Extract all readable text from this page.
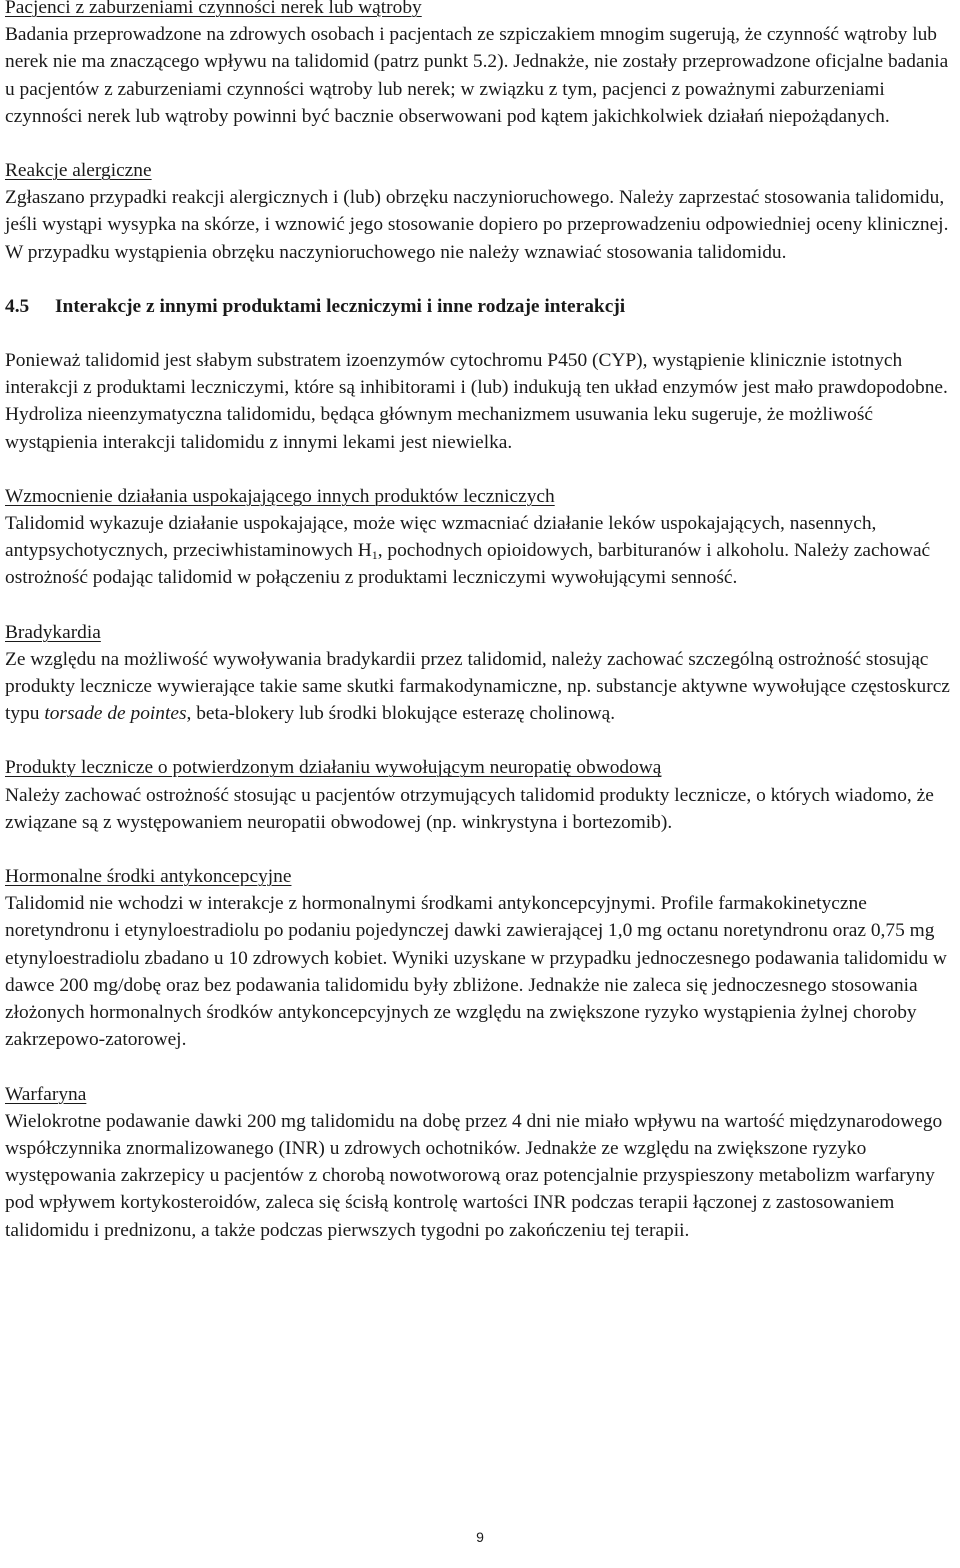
Pacjenci z zaburzeniami czynności nerek lub wątroby

Badania przeprowadzone na zdrowych osobach i pacjentach ze szpiczakiem mnogim sugerują, że czynność wątroby lub nerek nie ma znaczącego wpływu na talidomid (patrz punkt 5.2). Jednakże, nie zostały przeprowadzone oficjalne badania u pacjentów z zaburzeniami czynności wątroby lub nerek; w związku z tym, pacjenci z poważnymi zaburzeniami czynności nerek lub wątroby powinni być bacznie obserwowani pod kątem jakichkolwiek działań niepożądanych.

Reakcje alergiczne

Zgłaszano przypadki reakcji alergicznych i (lub) obrzęku naczynioruchowego. Należy zaprzestać stosowania talidomidu, jeśli wystąpi wysypka na skórze, i wznowić jego stosowanie dopiero po przeprowadzeniu odpowiedniej oceny klinicznej. W przypadku wystąpienia obrzęku naczynioruchowego nie należy wznawiać stosowania talidomidu.

4.5 Interakcje z innymi produktami leczniczymi i inne rodzaje interakcji

Ponieważ talidomid jest słabym substratem izoenzymów cytochromu P450 (CYP), wystąpienie klinicznie istotnych interakcji z produktami leczniczymi, które są inhibitorami i (lub) indukują ten układ enzymów jest mało prawdopodobne. Hydroliza nieenzymatyczna talidomidu, będąca głównym mechanizmem usuwania leku sugeruje, że możliwość wystąpienia interakcji talidomidu z innymi lekami jest niewielka.

Wzmocnienie działania uspokajającego innych produktów leczniczych

Talidomid wykazuje działanie uspokajające, może więc wzmacniać działanie leków uspokajających, nasennych, antypsychotycznych, przeciwhistaminowych $H_1$, pochodnych opioidowych, barbituranów i alkoholu. Należy zachować ostrożność podając talidomid w połączeniu z produktami leczniczymi wywołującymi senność.

Bradykardia

Ze względu na możliwość wywoływania bradykardii przez talidomid, należy zachować szczególną ostrożność stosując produkty lecznicze wywierające takie same skutki farmakodynamiczne, np. substancje aktywne wywołujące częstoskurcz typu torsade de pointes, beta-blokery lub środki blokujące esterazę cholinową.

Produkty lecznicze o potwierdzonym działaniu wywołującym neuropatię obwodową

Należy zachować ostrożność stosując u pacjentów otrzymujących talidomid produkty lecznicze, o których wiadomo, że związane są z występowaniem neuropatii obwodowej (np. winkrystyna i bortezomib).

Hormonalne środki antykoncepcyjne

Talidomid nie wchodzi w interakcje z hormonalnymi środkami antykoncepcyjnymi. Profile farmakokinetyczne noretyndronu i etynyloestradiolu po podaniu pojedynczej dawki zawierającej 1,0 mg octanu noretyndronu oraz 0,75 mg etynyloestradiolu zbadano u 10 zdrowych kobiet. Wyniki uzyskane w przypadku jednoczesnego podawania talidomidu w dawce 200 mg/dobę oraz bez podawania talidomidu były zbliżone. Jednakże nie zaleca się jednoczesnego stosowania złożonych hormonalnych środków antykoncepcyjnych ze względu na zwiększone ryzyko wystąpienia żylnej choroby zakrzepowo-zatorowej.

Warfaryna

Wielokrotne podawanie dawki 200 mg talidomidu na dobę przez 4 dni nie miało wpływu na wartość międzynarodowego współczynnika znormalizowanego (INR) u zdrowych ochotników. Jednakże ze względu na zwiększone ryzyko występowania zakrzepicy u pacjentów z chorobą nowotworową oraz potencjalnie przyspieszony metabolizm warfaryny pod wpływem kortykosteroidów, zaleca się ścisłą kontrolę wartości INR podczas terapii łączonej z zastosowaniem talidomidu i prednizonu, a także podczas pierwszych tygodni po zakończeniu tej terapii.

9
